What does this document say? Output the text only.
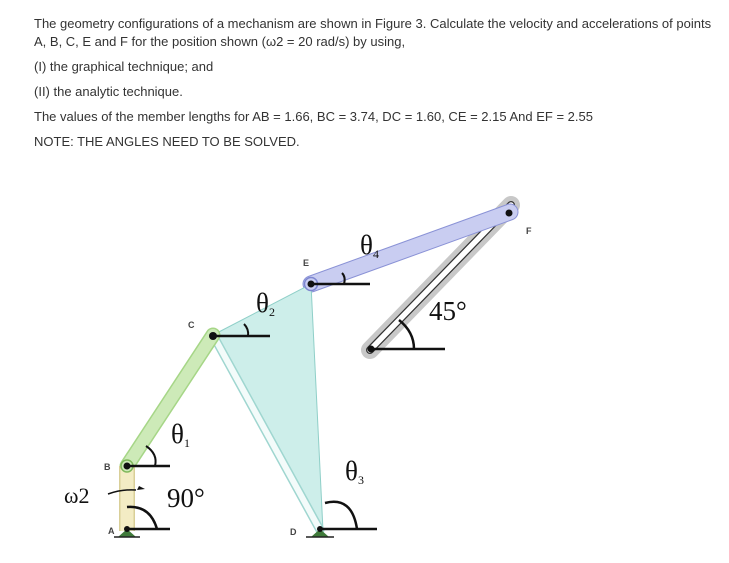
The geometry configurations of a mechanism are shown in Figure 3. Calculate the velocity and accelerations of points A, B, C, E and F for the position shown (ω2 = 20 rad/s) by using,

(I) the graphical technique; and

(II) the analytic technique.

The values of the member lengths for AB = 1.66, BC = 3.74, DC = 1.60, CE = 2.15 And EF = 2.55

NOTE: THE ANGLES NEED TO BE SOLVED.

A
B
C
D
E
F
θ1
θ2
θ3
θ4
90°
45°
ω2
